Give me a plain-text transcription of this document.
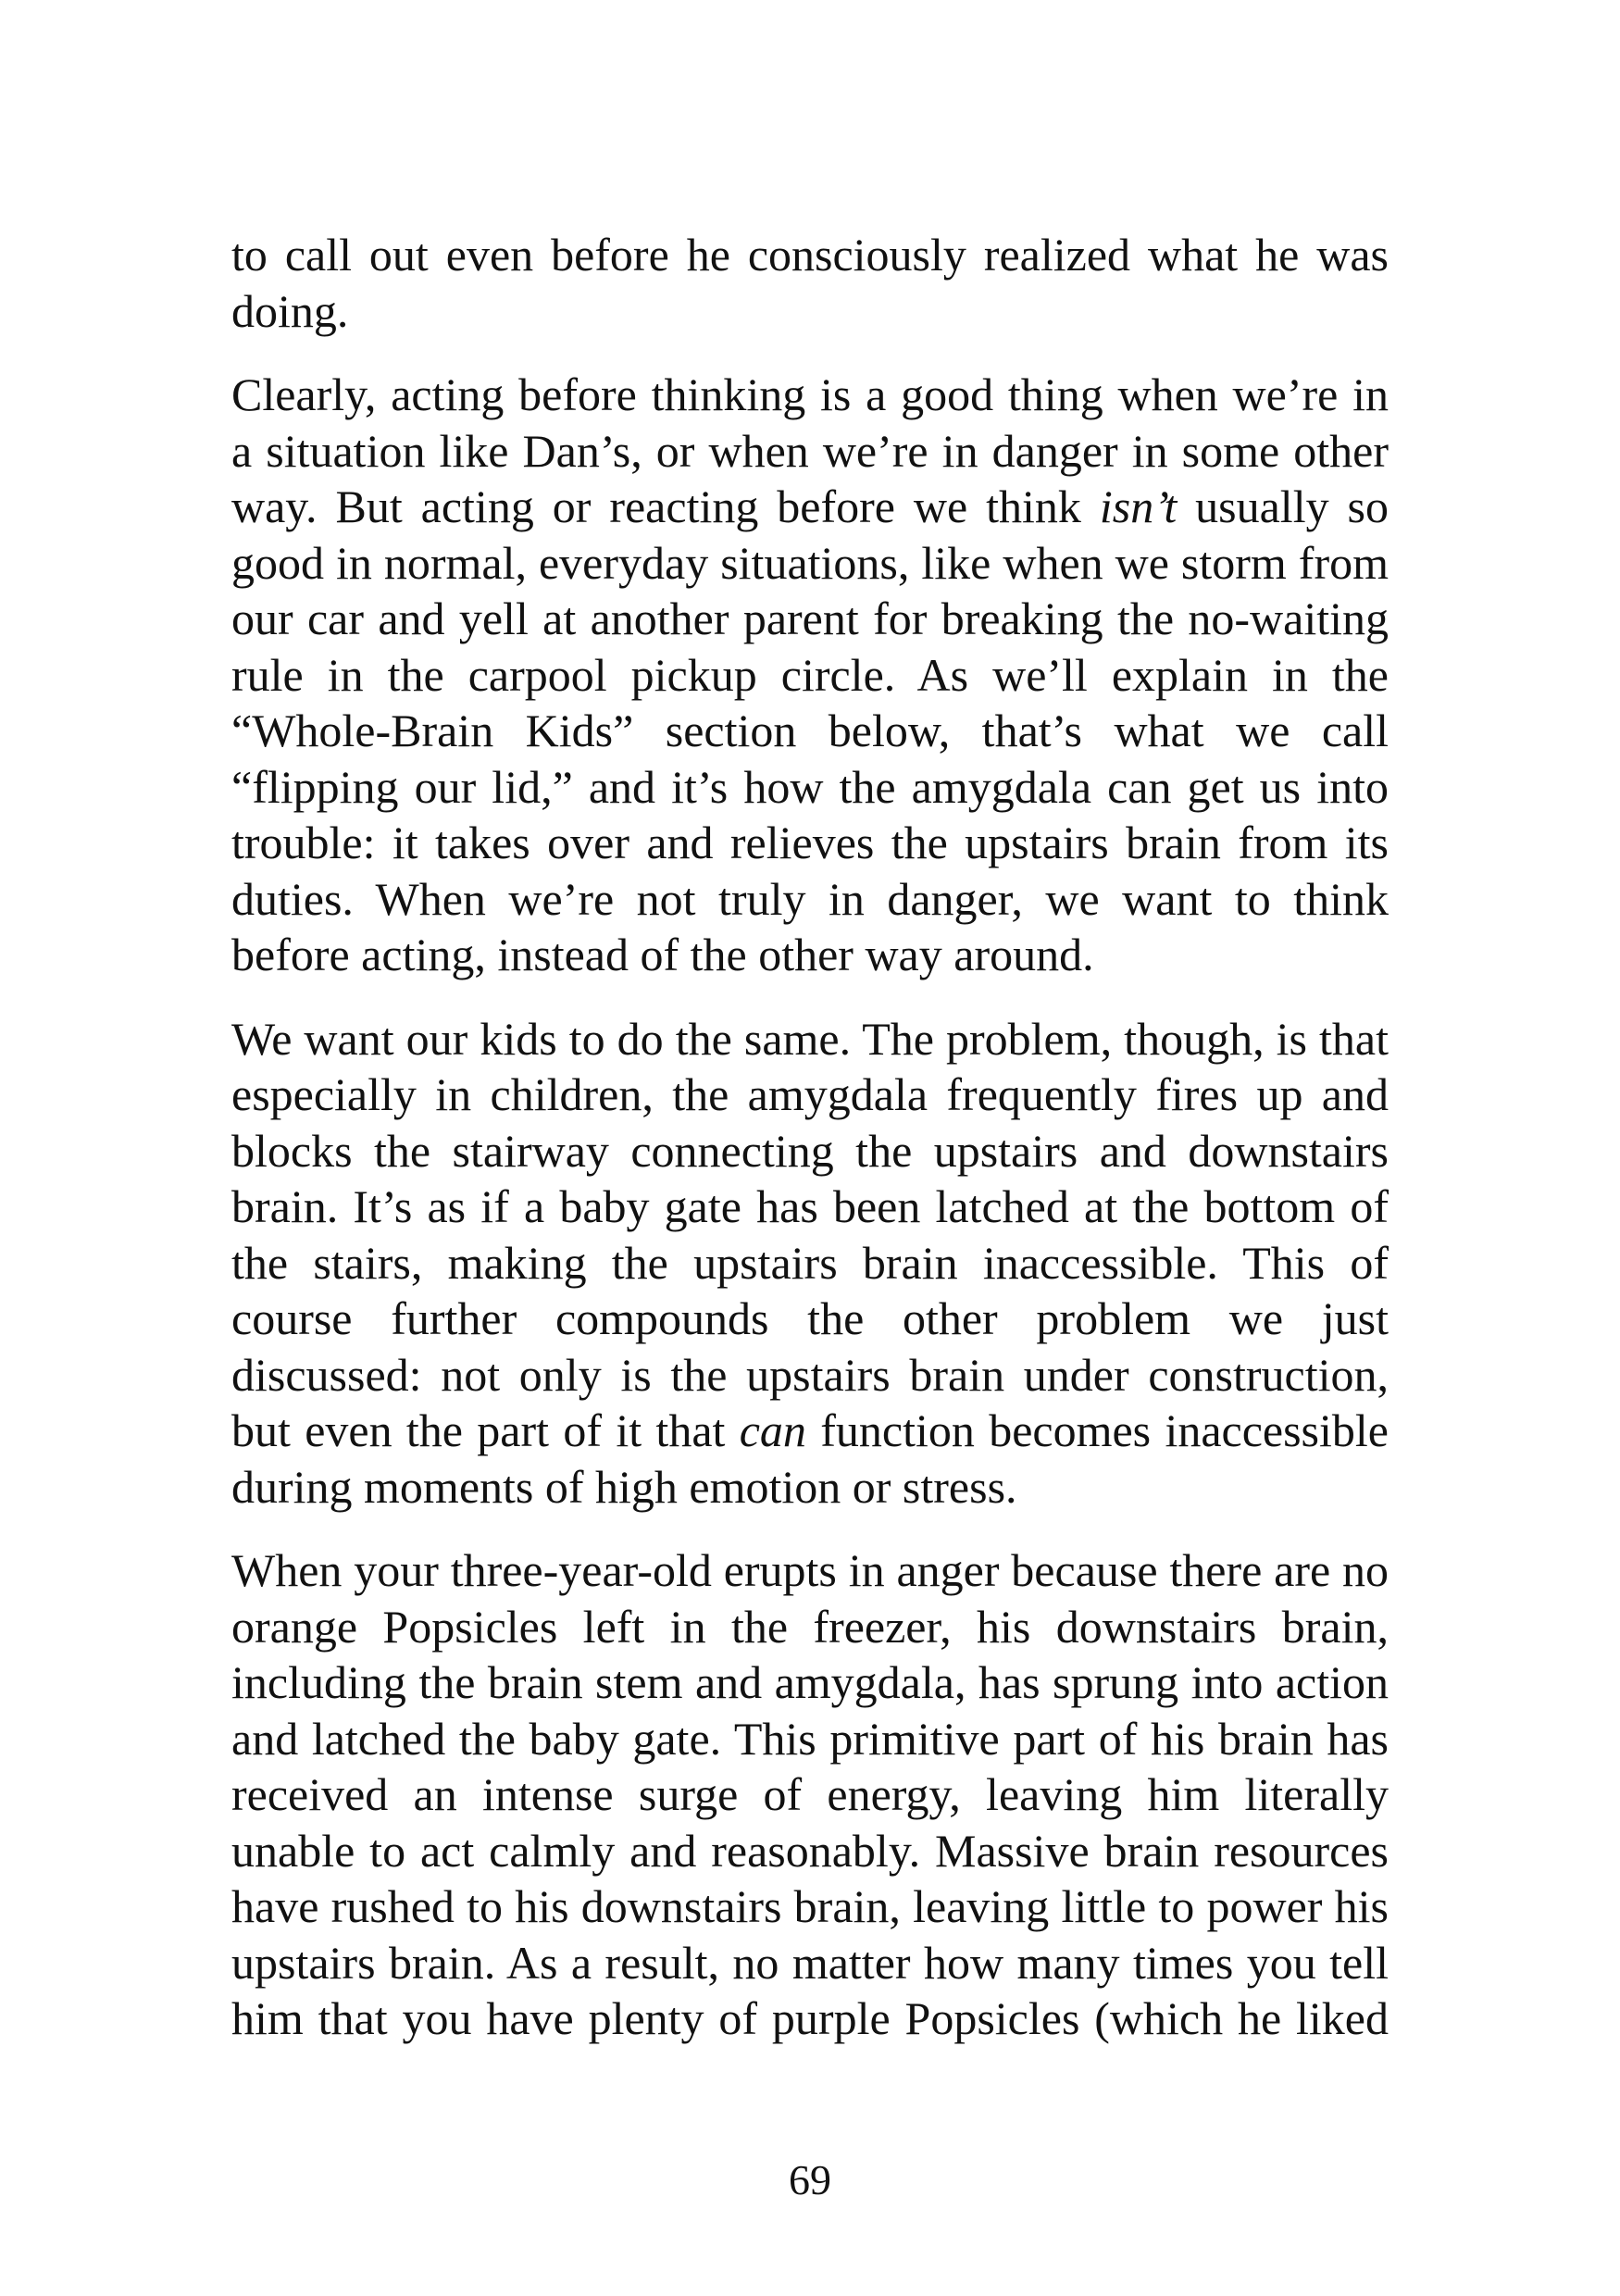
to call out even before he consciously realized what he was doing.

Clearly, acting before thinking is a good thing when we’re in a situation like Dan’s, or when we’re in danger in some other way. But acting or reacting before we think isn’t usually so good in normal, everyday situations, like when we storm from our car and yell at another parent for breaking the no-waiting rule in the carpool pickup circle. As we’ll explain in the “Whole-Brain Kids” section below, that’s what we call “flipping our lid,” and it’s how the amygdala can get us into trouble: it takes over and relieves the upstairs brain from its duties. When we’re not truly in danger, we want to think before acting, instead of the other way around.

We want our kids to do the same. The problem, though, is that especially in children, the amygdala frequently fires up and blocks the stairway connecting the upstairs and downstairs brain. It’s as if a baby gate has been latched at the bottom of the stairs, making the upstairs brain inaccessible. This of course further compounds the other problem we just discussed: not only is the upstairs brain under construction, but even the part of it that can function becomes inaccessible during moments of high emotion or stress.

When your three-year-old erupts in anger because there are no orange Popsicles left in the freezer, his downstairs brain, including the brain stem and amygdala, has sprung into action and latched the baby gate. This primitive part of his brain has received an intense surge of energy, leaving him literally unable to act calmly and reasonably. Massive brain resources have rushed to his downstairs brain, leaving little to power his upstairs brain. As a result, no matter how many times you tell him that you have plenty of purple Popsicles (which he liked

69
